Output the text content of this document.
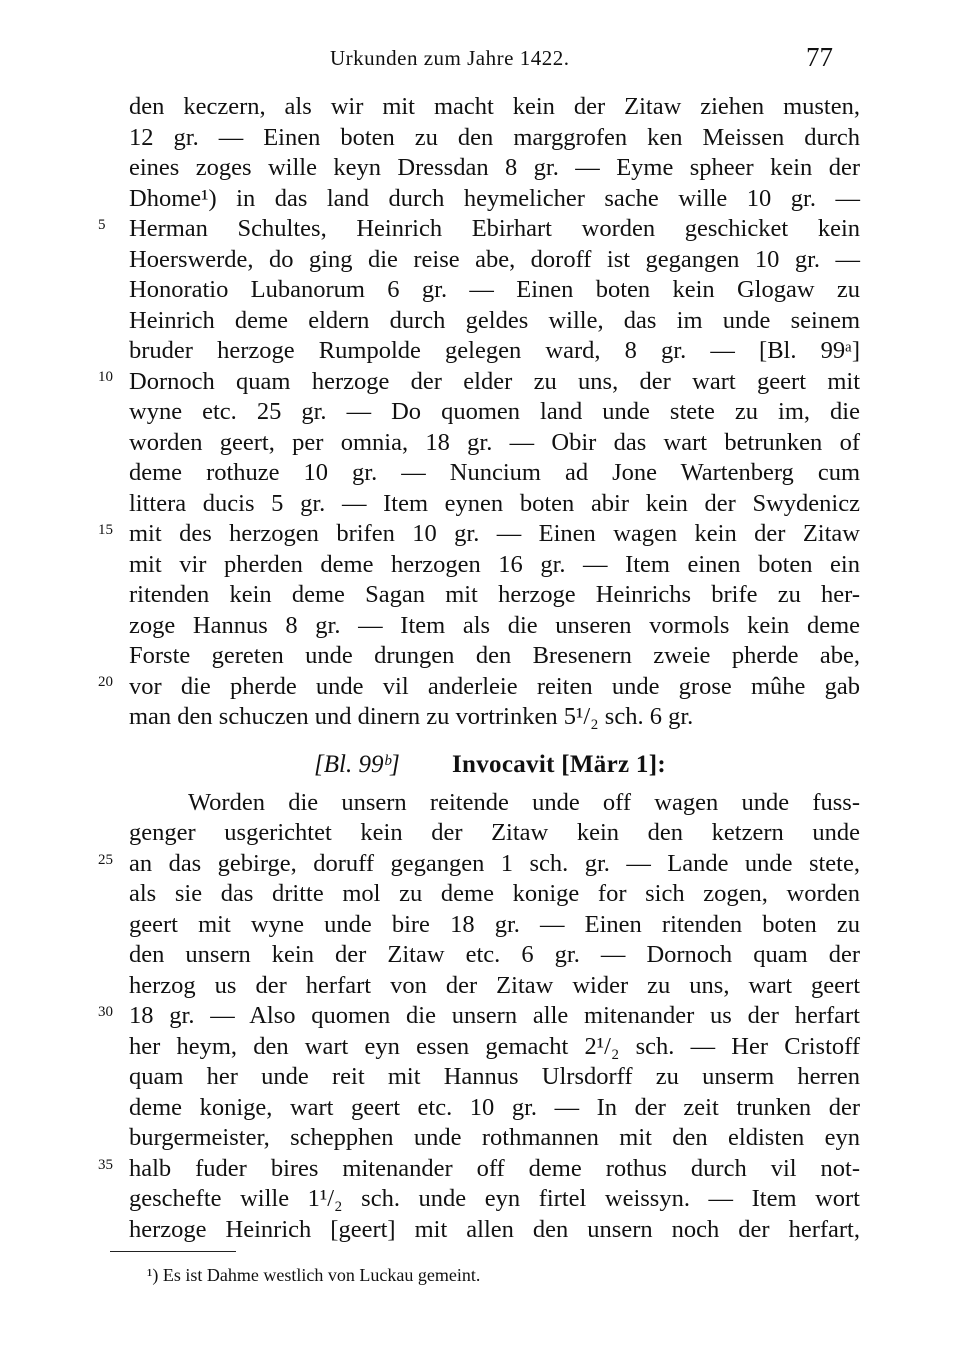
Urkunden zum Jahre 1422.	77
den keczern, als wir mit macht kein der Zitaw ziehen musten,
12 gr. — Einen boten zu den marggrofen ken Meissen durch
eines zoges wille keyn Dressdan 8 gr. — Eyme spheer kein der
Dhome¹) in das land durch heymelicher sache wille 10 gr. —
Herman Schultes, Heinrich Ebirhart worden geschicket kein
Hoerswerde, do ging die reise abe, doroff ist gegangen 10 gr. —
Honoratio Lubanorum 6 gr. — Einen boten kein Glogaw zu
Heinrich deme eldern durch geldes wille, das im unde seinem
bruder herzoge Rumpolde gelegen ward, 8 gr. — [Bl. 99ᵃ]
Dornoch quam herzoge der elder zu uns, der wart geert mit
wyne etc. 25 gr. — Do quomen land unde stete zu im, die
worden geert, per omnia, 18 gr. — Obir das wart betrunken of
deme rothuze 10 gr. — Nuncium ad Jone Wartenberg cum
littera ducis 5 gr. — Item eynen boten abir kein der Swydenicz
mit des herzogen brifen 10 gr. — Einen wagen kein der Zitaw
mit vir pherden deme herzogen 16 gr. — Item einen boten ein
ritenden kein deme Sagan mit herzoge Heinrichs brife zu her-
zoge Hannus 8 gr. — Item als die unseren vormols kein deme
Forste gereten unde drungen den Bresenern zweie pherde abe,
vor die pherde unde vil anderleie reiten unde grose mûhe gab
man den schuczen und dinern zu vortrinken 5¹/₂ sch. 6 gr.
[Bl. 99ᵇ] Invocavit [März 1]:
Worden die unsern reitende unde off wagen unde fuss-
genger usgerichtet kein der Zitaw kein den ketzern unde
an das gebirge, doruff gegangen 1 sch. gr. — Lande unde stete,
als sie das dritte mol zu deme konige for sich zogen, worden
geert mit wyne unde bire 18 gr. — Einen ritenden boten zu
den unsern kein der Zitaw etc. 6 gr. — Dornoch quam der
herzog us der herfart von der Zitaw wider zu uns, wart geert
18 gr. — Also quomen die unsern alle mitenander us der herfart
her heym, den wart eyn essen gemacht 2¹/₂ sch. — Her Cristoff
quam her unde reit mit Hannus Ulrsdorff zu unserm herren
deme konige, wart geert etc. 10 gr. — In der zeit trunken der
burgermeister, schepphen unde rothmannen mit den eldisten eyn
halb fuder bires mitenander off deme rothus durch vil not-
geschefte wille 1¹/₂ sch. unde eyn firtel weissyn. — Item wort
herzoge Heinrich [geert] mit allen den unsern noch der herfart,
5
10
15
20
25
30
35
¹) Es ist Dahme westlich von Luckau gemeint.
